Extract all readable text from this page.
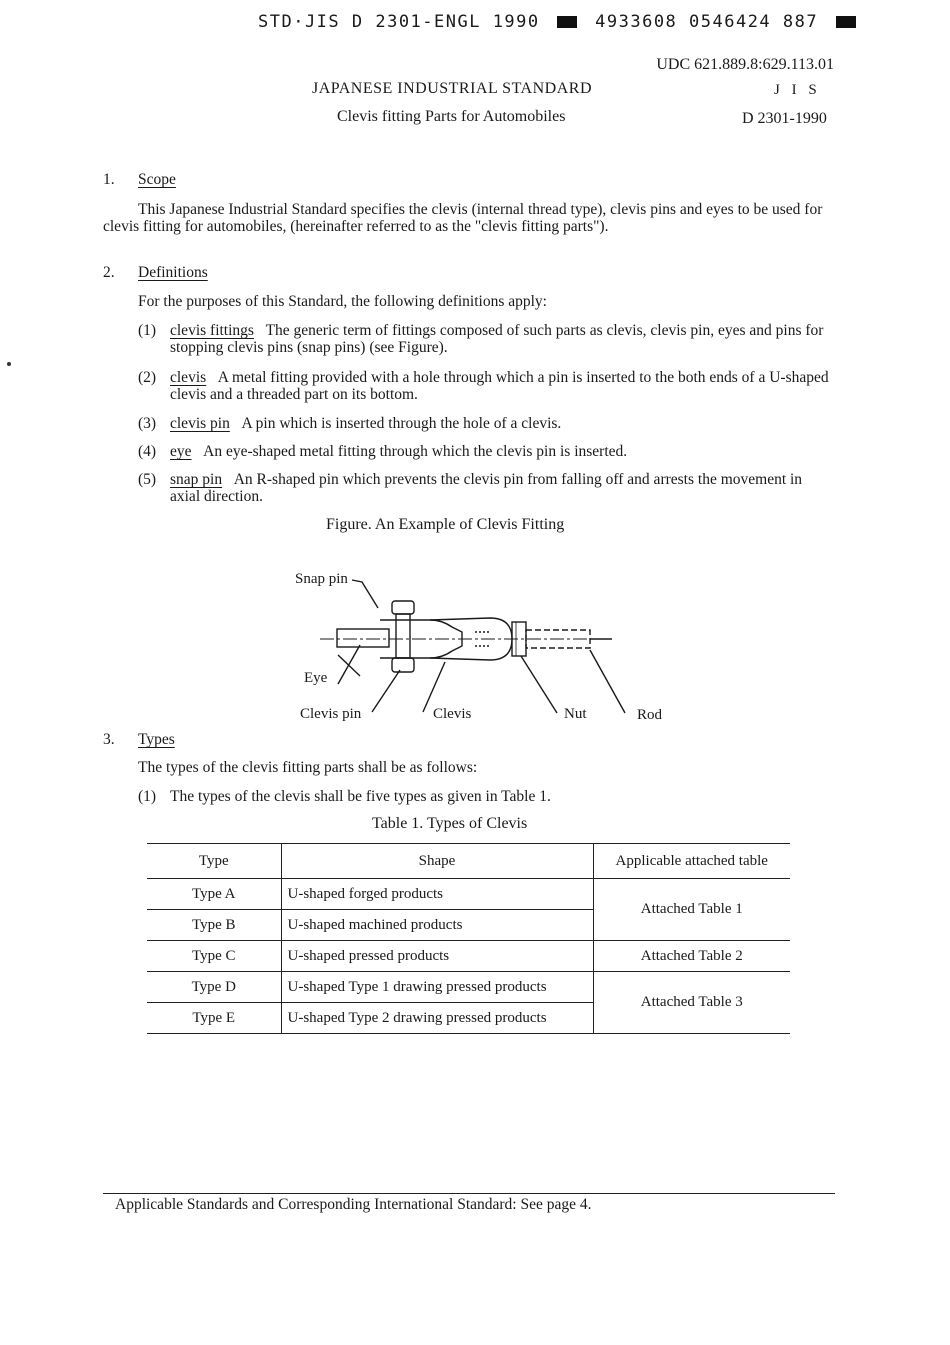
STD·JIS D 2301-ENGL 1990	4933608 0546424 887
UDC 621.889.8:629.113.01
JAPANESE INDUSTRIAL STANDARD	J I S
Clevis fitting Parts for Automobiles	D 2301-1990
1. Scope
This Japanese Industrial Standard specifies the clevis (internal thread type), clevis pins and eyes to be used for clevis fitting for automobiles, (hereinafter referred to as the "clevis fitting parts").
2. Definitions
For the purposes of this Standard, the following definitions apply:
(1) clevis fittings The generic term of fittings composed of such parts as clevis, clevis pin, eyes and pins for stopping clevis pins (snap pins) (see Figure).
(2) clevis A metal fitting provided with a hole through which a pin is inserted to the both ends of a U-shaped clevis and a threaded part on its bottom.
(3) clevis pin A pin which is inserted through the hole of a clevis.
(4) eye An eye-shaped metal fitting through which the clevis pin is inserted.
(5) snap pin An R-shaped pin which prevents the clevis pin from falling off and arrests the movement in axial direction.
Figure. An Example of Clevis Fitting
Snap pin
Eye
Clevis pin	Clevis	Nut	Rod
3. Types
The types of the clevis fitting parts shall be as follows:
(1) The types of the clevis shall be five types as given in Table 1.
Table 1. Types of Clevis
Type	Shape	Applicable attached table
Type A	U-shaped forged products	Attached Table 1
Type B	U-shaped machined products	
Type C	U-shaped pressed products	Attached Table 2
Type D	U-shaped Type 1 drawing pressed products	Attached Table 3
Type E	U-shaped Type 2 drawing pressed products	
Applicable Standards and Corresponding International Standard: See page 4.
